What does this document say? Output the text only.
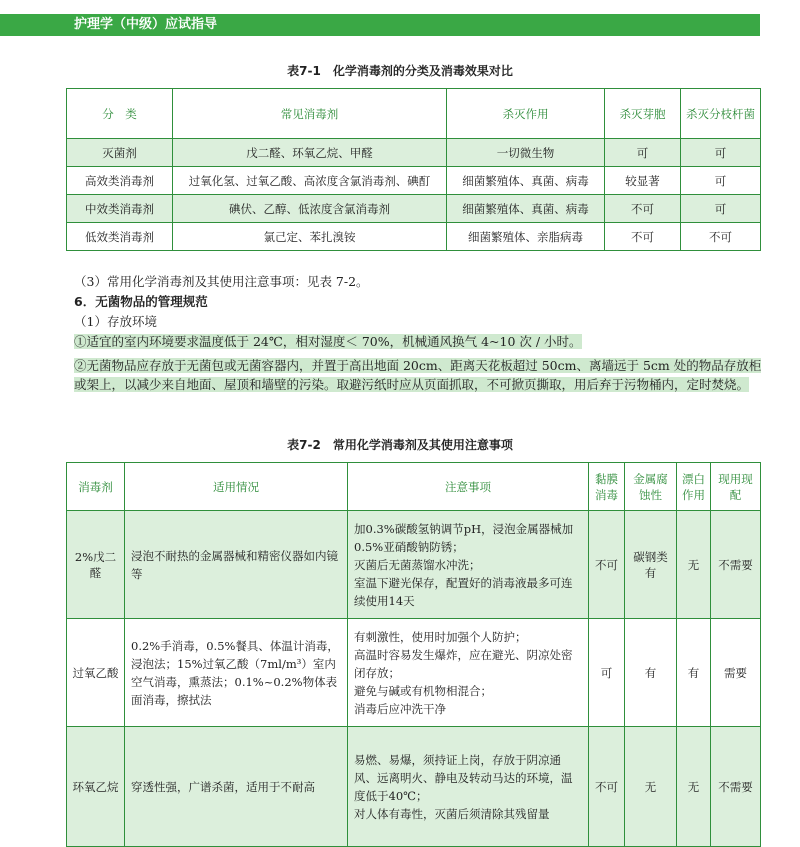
护理学（中级）应试指导
表7-1　化学消毒剂的分类及消毒效果对比
分　类	常见消毒剂	杀灭作用	杀灭芽胞	杀灭分枝杆菌
灭菌剂	戊二醛、环氧乙烷、甲醛	一切微生物	可	可
高效类消毒剂	过氧化氢、过氧乙酸、高浓度含氯消毒剂、碘酊	细菌繁殖体、真菌、病毒	较显著	可
中效类消毒剂	碘伏、乙醇、低浓度含氯消毒剂	细菌繁殖体、真菌、病毒	不可	可
低效类消毒剂	氯己定、苯扎溴铵	细菌繁殖体、亲脂病毒	不可	不可
（3）常用化学消毒剂及其使用注意事项：见表 7-2。
6．无菌物品的管理规范
（1）存放环境
①适宜的室内环境要求温度低于 24℃，相对湿度＜ 70%，机械通风换气 4~10 次 / 小时。
②无菌物品应存放于无菌包或无菌容器内，并置于高出地面 20cm、距离天花板超过 50cm、离墙远于 5cm 处的物品存放柜或架上，以减少来自地面、屋顶和墙壁的污染。取避污纸时应从页面抓取，不可掀页撕取，用后弃于污物桶内，定时焚烧。
表7-2　常用化学消毒剂及其使用注意事项
消毒剂	适用情况	注意事项	黏膜消毒	金属腐蚀性	漂白作用	现用现配
2%戊二醛	浸泡不耐热的金属器械和精密仪器如内镜等	加0.3%碳酸氢钠调节pH，浸泡金属器械加0.5%亚硝酸钠防锈；
灭菌后无菌蒸馏水冲洗；
室温下避光保存，配置好的消毒液最多可连续使用14天	不可	碳钢类有	无	不需要
过氧乙酸	0.2%手消毒，0.5%餐具、体温计消毒，浸泡法；15%过氧乙酸（7ml/m³）室内空气消毒，熏蒸法；0.1%~0.2%物体表面消毒，擦拭法	有刺激性，使用时加强个人防护；
高温时容易发生爆炸，应在避光、阴凉处密闭存放；
避免与碱或有机物相混合；
消毒后应冲洗干净	可	有	有	需要
环氧乙烷	穿透性强，广谱杀菌，适用于不耐高	易燃、易爆，须持证上岗，存放于阴凉通风、远离明火、静电及转动马达的环境，温度低于40℃；
对人体有毒性，灭菌后须清除其残留量	不可	无	无	不需要
